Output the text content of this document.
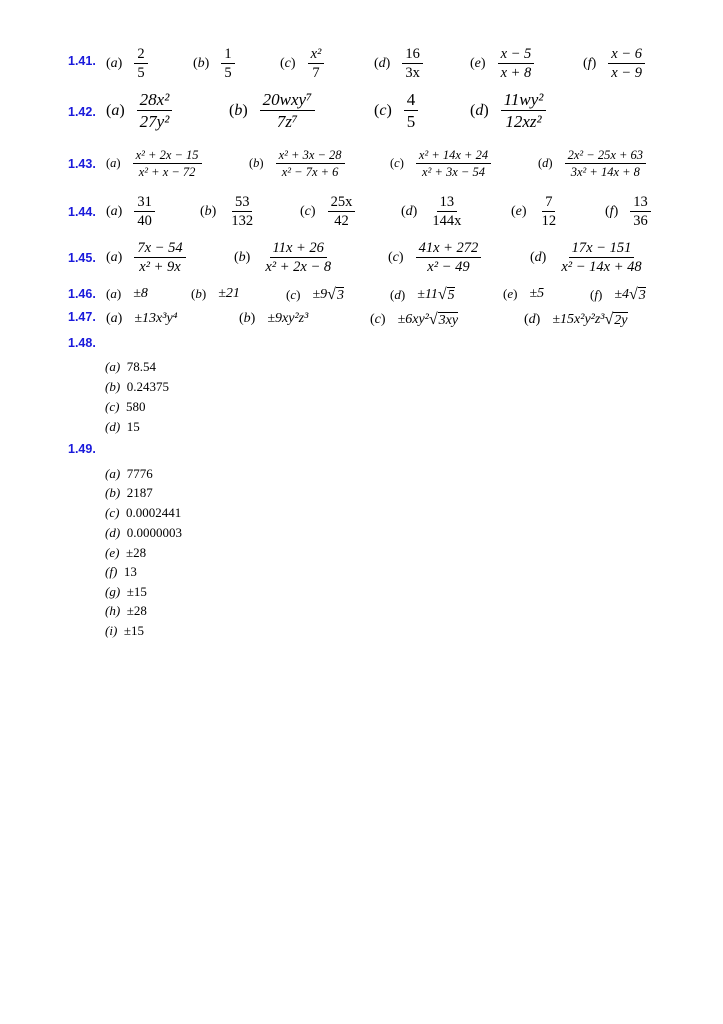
1.41. $(a) \frac{2}{5}$	$(b) \frac{1}{5}$	$(c) \frac{\text{x²}}{7}$	$(d) \frac{16}{3x}$	$(e) \frac{x - 5}{x + 8}$	$(f) \frac{x - 6}{x - 9}$
1.42. $(a) \frac{\text{28x²}}{\text{27y²}}$	$(b) \frac{\text{20wxy⁷}}{\text{7z⁷}}$	$(c) \frac{4}{5}$	$(d) \frac{\text{11wy²}}{\text{12xz²}}$
1.43. $(a) \frac{\text{x² + 2x − 15}}{\text{x² + x − 72}}$	$(b) \frac{\text{x² + 3x − 28}}{\text{x² − 7x + 6}}$	$(c) \frac{\text{x² + 14x + 24}}{\text{x² + 3x − 54}}$	$(d) \frac{\text{2x² − 25x + 63}}{\text{3x² + 14x + 8}}$
1.44. $(a) \frac{31}{40}$	$(b) \frac{53}{132}$	$(c) \frac{25x}{42}$	$(d) \frac{13}{144x}$	$(e) \frac{7}{12}$	$(f) \frac{13}{36}$
1.45. $(a) \frac{7x - 54}{\text{x² + 9x}}$	$(b) \frac{11x + 26}{\text{x² + 2x − 8}}$	$(c) \frac{41x + 272}{\text{x² − 49}}$	$(d) \frac{17x - 151}{\text{x² − 14x + 48}}$
1.46. (a) ±8	(b) ±21	(c) ±9 √ 3	(d) ±11 √ 5	(e) ±5	(f) ±4 √ 3
1.47. (a) ±13x³y⁴	(b) ±9xy²z³	(c) ±6xy² √ 3xy	(d) ±15x²y²z³ √ 2y
1.48.
(a) 78.54
(b) 0.24375
(c) 580
(d) 15
1.49.
(a) 7776
(b) 2187
(c) 0.0002441
(d) 0.0000003
(e) ±28
(f) 13
(g) ±15
(h) ±28
(i) ±15
